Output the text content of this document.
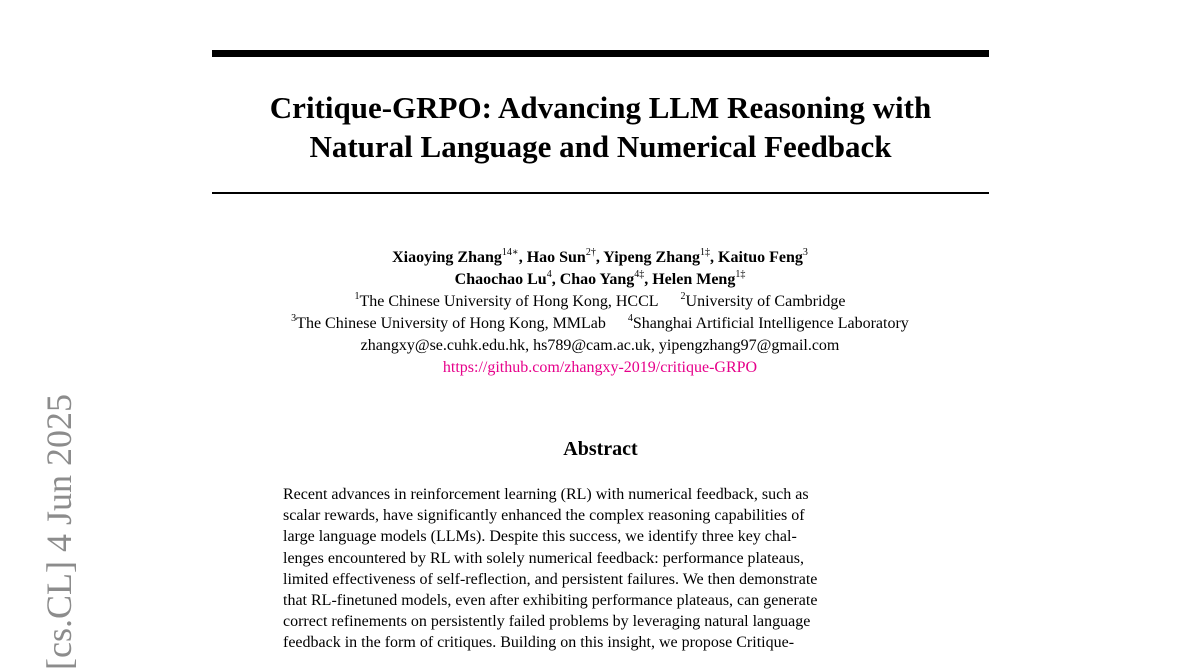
[cs.CL] 4 Jun 2025
Critique-GRPO: Advancing LLM Reasoning with
Natural Language and Numerical Feedback
Xiaoying Zhang$^{14∗}$, Hao Sun$^{2\dagger}$, Yipeng Zhang$^{1\ddagger}$, Kaituo Feng$^3$
Chaochao Lu$^4$, Chao Yang$^{4\ddagger}$, Helen Meng$^{1\ddagger}$
$^1$The Chinese University of Hong Kong, HCCL $^2$University of Cambridge
$^3$The Chinese University of Hong Kong, MMLab $^4$Shanghai Artificial Intelligence Laboratory
zhangxy@se.cuhk.edu.hk, hs789@cam.ac.uk, yipengzhang97@gmail.com
https://github.com/zhangxy-2019/critique-GRPO
Abstract
Recent advances in reinforcement learning (RL) with numerical feedback, such as
scalar rewards, have significantly enhanced the complex reasoning capabilities of
large language models (LLMs). Despite this success, we identify three key chal-
lenges encountered by RL with solely numerical feedback: performance plateaus,
limited effectiveness of self-reflection, and persistent failures. We then demonstrate
that RL-finetuned models, even after exhibiting performance plateaus, can generate
correct refinements on persistently failed problems by leveraging natural language
feedback in the form of critiques. Building on this insight, we propose Critique-
